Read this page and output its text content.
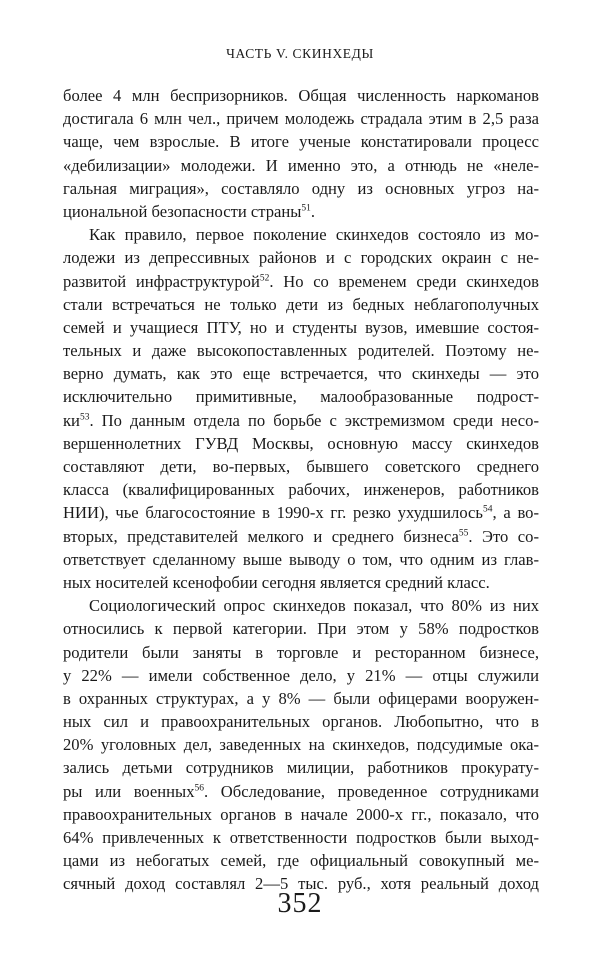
ЧАСТЬ V. СКИНХЕДЫ
более 4 млн беспризорников. Общая численность наркоманов
достигала 6 млн чел., причем молодежь страдала этим в 2,5 раза
чаще, чем взрослые. В итоге ученые констатировали процесс
«дебилизации» молодежи. И именно это, а отнюдь не «неле-
гальная миграция», составляло одну из основных угроз на-
циональной безопасности страны$^{51}$.
Как правило, первое поколение скинхедов состояло из мо-
лодежи из депрессивных районов и с городских окраин с не-
развитой инфраструктурой$^{52}$. Но со временем среди скинхедов
стали встречаться не только дети из бедных неблагополучных
семей и учащиеся ПТУ, но и студенты вузов, имевшие состоя-
тельных и даже высокопоставленных родителей. Поэтому не-
верно думать, как это еще встречается, что скинхеды — это
исключительно примитивные, малообразованные подрост-
ки$^{53}$. По данным отдела по борьбе с экстремизмом среди несо-
вершеннолетних ГУВД Москвы, основную массу скинхедов
составляют дети, во-первых, бывшего советского среднего
класса (квалифицированных рабочих, инженеров, работников
НИИ), чье благосостояние в 1990-х гг. резко ухудшилось$^{54}$, а во-
вторых, представителей мелкого и среднего бизнеса$^{55}$. Это со-
ответствует сделанному выше выводу о том, что одним из глав-
ных носителей ксенофобии сегодня является средний класс.
Социологический опрос скинхедов показал, что 80% из них
относились к первой категории. При этом у 58% подростков
родители были заняты в торговле и ресторанном бизнесе,
у 22% — имели собственное дело, у 21% — отцы служили
в охранных структурах, а у 8% — были офицерами вооружен-
ных сил и правоохранительных органов. Любопытно, что в
20% уголовных дел, заведенных на скинхедов, подсудимые ока-
зались детьми сотрудников милиции, работников прокурату-
ры или военных$^{56}$. Обследование, проведенное сотрудниками
правоохранительных органов в начале 2000-х гг., показало, что
64% привлеченных к ответственности подростков были выход-
цами из небогатых семей, где официальный совокупный ме-
сячный доход составлял 2—5 тыс. руб., хотя реальный доход
352
